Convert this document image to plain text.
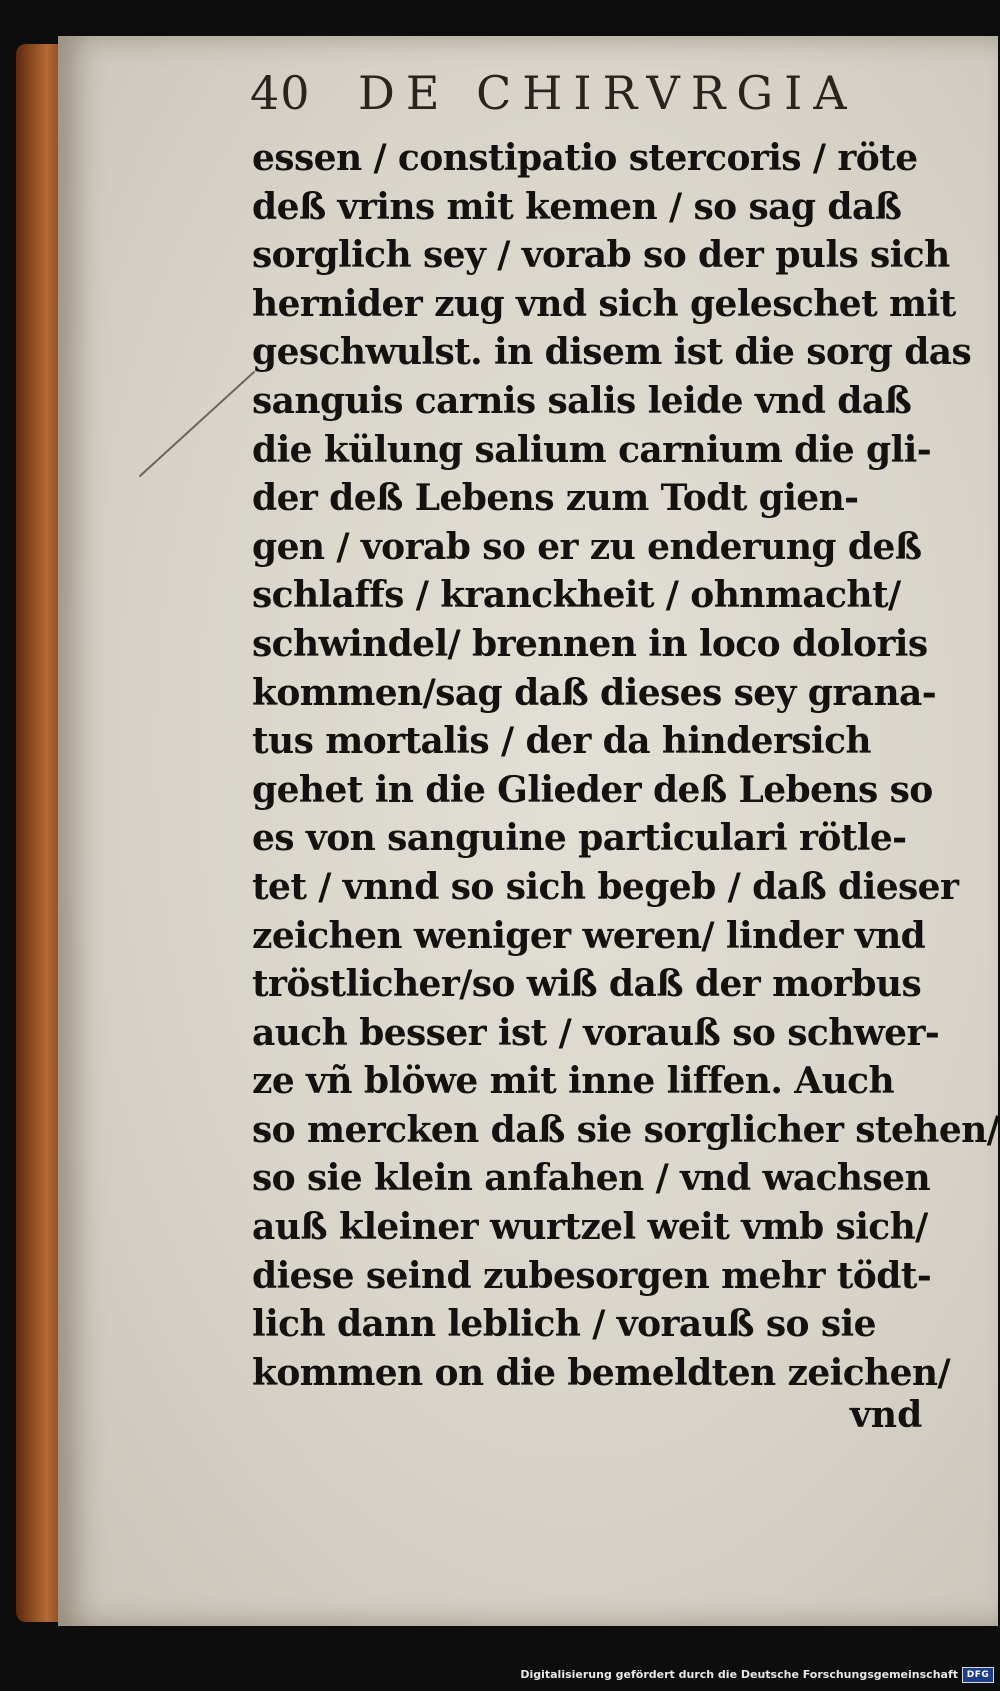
40 DE CHIRVRGIA
essen / constipatio stercoris / röte
deß vrins mit kemen / so sag daß
sorglich sey / vorab so der puls sich
hernider zug vnd sich geleschet mit
geschwulst. in disem ist die sorg das
sanguis carnis salis leide vnd daß
die külung salium carnium die gli-
der deß Lebens zum Todt gien-
gen / vorab so er zu enderung deß
schlaffs / kranckheit / ohnmacht/
schwindel/ brennen in loco doloris
kommen/sag daß dieses sey grana-
tus mortalis / der da hindersich
gehet in die Glieder deß Lebens so
es von sanguine particulari rötle-
tet / vnnd so sich begeb / daß dieser
zeichen weniger weren/ linder vnd
tröstlicher/so wiß daß der morbus
auch besser ist / vorauß so schwer-
ze vñ blöwe mit inne liffen. Auch
so mercken daß sie sorglicher stehen/
so sie klein anfahen / vnd wachsen
auß kleiner wurtzel weit vmb sich/
diese seind zubesorgen mehr tödt-
lich dann leblich / vorauß so sie
kommen on die bemeldten zeichen/
vnd
Digitalisierung gefördert durch die Deutsche Forschungsgemeinschaft DFG
